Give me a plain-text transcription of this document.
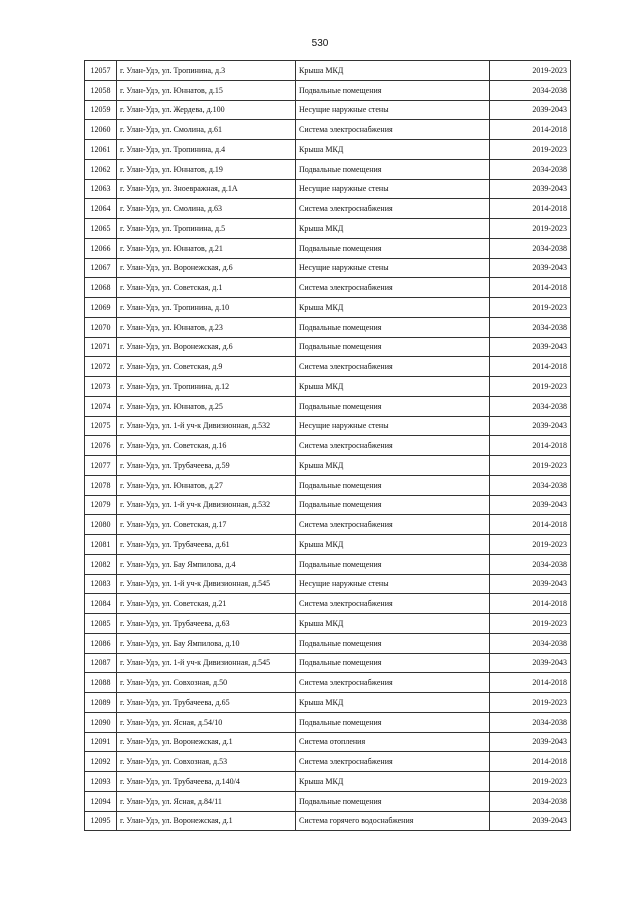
530
12057	г. Улан-Удэ, ул. Тропинина, д.3	Крыша МКД	2019-2023
12058	г. Улан-Удэ, ул. Юннатов, д.15	Подвальные помещения	2034-2038
12059	г. Улан-Удэ, ул. Жердева, д.100	Несущие наружные стены	2039-2043
12060	г. Улан-Удэ, ул. Смолина, д.61	Система электроснабжения	2014-2018
12061	г. Улан-Удэ, ул. Тропинина, д.4	Крыша МКД	2019-2023
12062	г. Улан-Удэ, ул. Юннатов, д.19	Подвальные помещения	2034-2038
12063	г. Улан-Удэ, ул. Зноевражная, д.1А	Несущие наружные стены	2039-2043
12064	г. Улан-Удэ, ул. Смолина, д.63	Система электроснабжения	2014-2018
12065	г. Улан-Удэ, ул. Тропинина, д.5	Крыша МКД	2019-2023
12066	г. Улан-Удэ, ул. Юннатов, д.21	Подвальные помещения	2034-2038
12067	г. Улан-Удэ, ул. Воронежская, д.6	Несущие наружные стены	2039-2043
12068	г. Улан-Удэ, ул. Советская, д.1	Система электроснабжения	2014-2018
12069	г. Улан-Удэ, ул. Тропинина, д.10	Крыша МКД	2019-2023
12070	г. Улан-Удэ, ул. Юннатов, д.23	Подвальные помещения	2034-2038
12071	г. Улан-Удэ, ул. Воронежская, д.6	Подвальные помещения	2039-2043
12072	г. Улан-Удэ, ул. Советская, д.9	Система электроснабжения	2014-2018
12073	г. Улан-Удэ, ул. Тропинина, д.12	Крыша МКД	2019-2023
12074	г. Улан-Удэ, ул. Юннатов, д.25	Подвальные помещения	2034-2038
12075	г. Улан-Удэ, ул. 1-й уч-к Дивизионная, д.532	Несущие наружные стены	2039-2043
12076	г. Улан-Удэ, ул. Советская, д.16	Система электроснабжения	2014-2018
12077	г. Улан-Удэ, ул. Трубачеева, д.59	Крыша МКД	2019-2023
12078	г. Улан-Удэ, ул. Юннатов, д.27	Подвальные помещения	2034-2038
12079	г. Улан-Удэ, ул. 1-й уч-к Дивизионная, д.532	Подвальные помещения	2039-2043
12080	г. Улан-Удэ, ул. Советская, д.17	Система электроснабжения	2014-2018
12081	г. Улан-Удэ, ул. Трубачеева, д.61	Крыша МКД	2019-2023
12082	г. Улан-Удэ, ул. Бау Ямпилова, д.4	Подвальные помещения	2034-2038
12083	г. Улан-Удэ, ул. 1-й уч-к Дивизионная, д.545	Несущие наружные стены	2039-2043
12084	г. Улан-Удэ, ул. Советская, д.21	Система электроснабжения	2014-2018
12085	г. Улан-Удэ, ул. Трубачеева, д.63	Крыша МКД	2019-2023
12086	г. Улан-Удэ, ул. Бау Ямпилова, д.10	Подвальные помещения	2034-2038
12087	г. Улан-Удэ, ул. 1-й уч-к Дивизионная, д.545	Подвальные помещения	2039-2043
12088	г. Улан-Удэ, ул. Совхозная, д.50	Система электроснабжения	2014-2018
12089	г. Улан-Удэ, ул. Трубачеева, д.65	Крыша МКД	2019-2023
12090	г. Улан-Удэ, ул. Ясная, д.54/10	Подвальные помещения	2034-2038
12091	г. Улан-Удэ, ул. Воронежская, д.1	Система отопления	2039-2043
12092	г. Улан-Удэ, ул. Совхозная, д.53	Система электроснабжения	2014-2018
12093	г. Улан-Удэ, ул. Трубачеева, д.140/4	Крыша МКД	2019-2023
12094	г. Улан-Удэ, ул. Ясная, д.84/11	Подвальные помещения	2034-2038
12095	г. Улан-Удэ, ул. Воронежская, д.1	Система горячего водоснабжения	2039-2043
